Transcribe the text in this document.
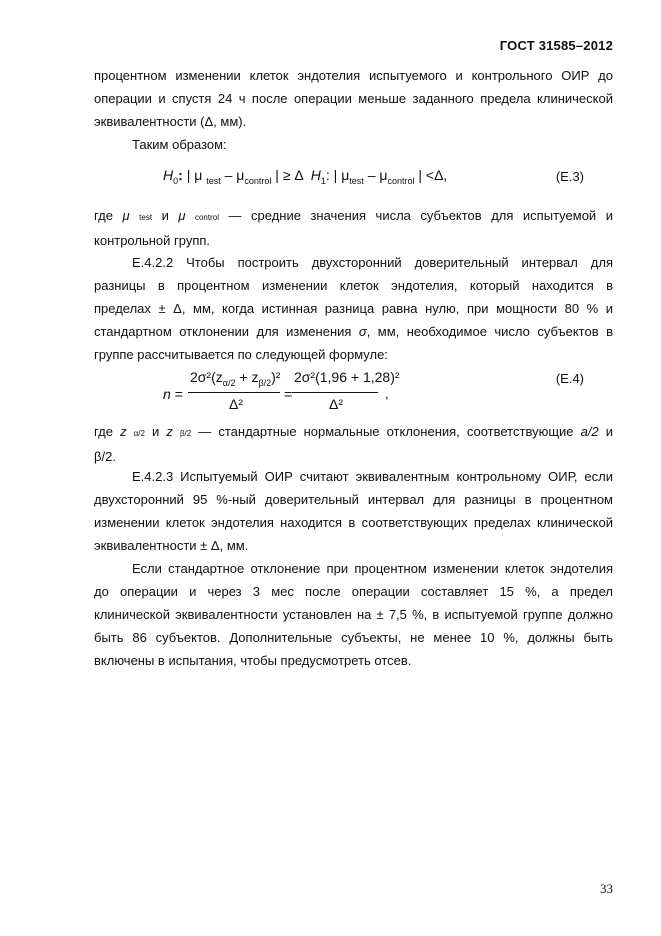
ГОСТ 31585–2012
процентном изменении клеток эндотелия испытуемого и контрольного ОИР до
операции и спустя 24 ч после операции меньше заданного предела клинической
эквивалентности (Δ, мм).
Таким образом:
$H_0$: | μ $_{test} - \mu_{control}$ | ≥ Δ $H_1$: | $\mu_{test} - \mu_{control}$ | <Δ,	(E.3)
где μ test и μ control — средние значения числа субъектов для испытуемой и
контрольной групп.
Е.4.2.2 Чтобы построить двухсторонний доверительный интервал для
разницы в процентном изменении клеток эндотелия, который находится в
пределах ± Δ, мм, когда истинная разница равна нулю, при мощности 80 % и
стандартном отклонении для изменения σ, мм, необходимое число субъектов в
группе рассчитывается по следующей формуле:
n =
$2\sigma^2(z_{\alpha/2} + z_{\beta/2})^2$
Δ²
=
2σ²(1,96 + 1,28)²
Δ²
,
(E.4)
где z α/2 и z β/2 — стандартные нормальные отклонения, соответствующие a/2 и
β/2.
Е.4.2.3 Испытуемый ОИР считают эквивалентным контрольному ОИР, если
двухсторонний 95 %-ный доверительный интервал для разницы в процентном
изменении клеток эндотелия находится в соответствующих пределах клинической
эквивалентности ± Δ, мм.
Если стандартное отклонение при процентном изменении клеток эндотелия
до операции и через 3 мес после операции составляет 15 %, а предел
клинической эквивалентности установлен на ± 7,5 %, в испытуемой группе должно
быть 86 субъектов. Дополнительные субъекты, не менее 10 %, должны быть
включены в испытания, чтобы предусмотреть отсев.
33
